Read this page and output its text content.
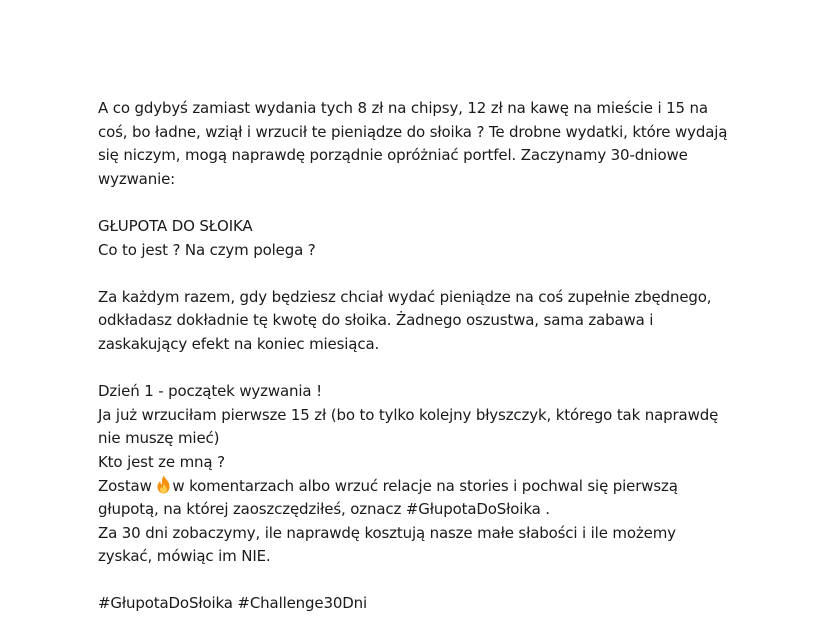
A co gdybyś zamiast wydania tych 8 zł na chipsy, 12 zł na kawę na mieście i 15 na coś, bo ładne, wziął i wrzucił te pieniądze do słoika ? Te drobne wydatki, które wydają się niczym, mogą naprawdę porządnie opróżniać portfel. Zaczynamy 30-dniowe wyzwanie:

GŁUPOTA DO SŁOIKA

Co to jest ? Na czym polega ?

Za każdym razem, gdy będziesz chciał wydać pieniądze na coś zupełnie zbędnego, odkładasz dokładnie tę kwotę do słoika. Żadnego oszustwa, sama zabawa i zaskakujący efekt na koniec miesiąca.

Dzień 1 - początek wyzwania !

Ja już wrzuciłam pierwsze 15 zł (bo to tylko kolejny błyszczyk, którego tak naprawdę nie muszę mieć)

Kto jest ze mną ?

Zostaw w komentarzach albo wrzuć relacje na stories i pochwal się pierwszą głupotą, na której zaoszczędziłeś, oznacz #GłupotaDoSłoika .

Za 30 dni zobaczymy, ile naprawdę kosztują nasze małe słabości i ile możemy zyskać, mówiąc im NIE.

#GłupotaDoSłoika #Challenge30Dni
